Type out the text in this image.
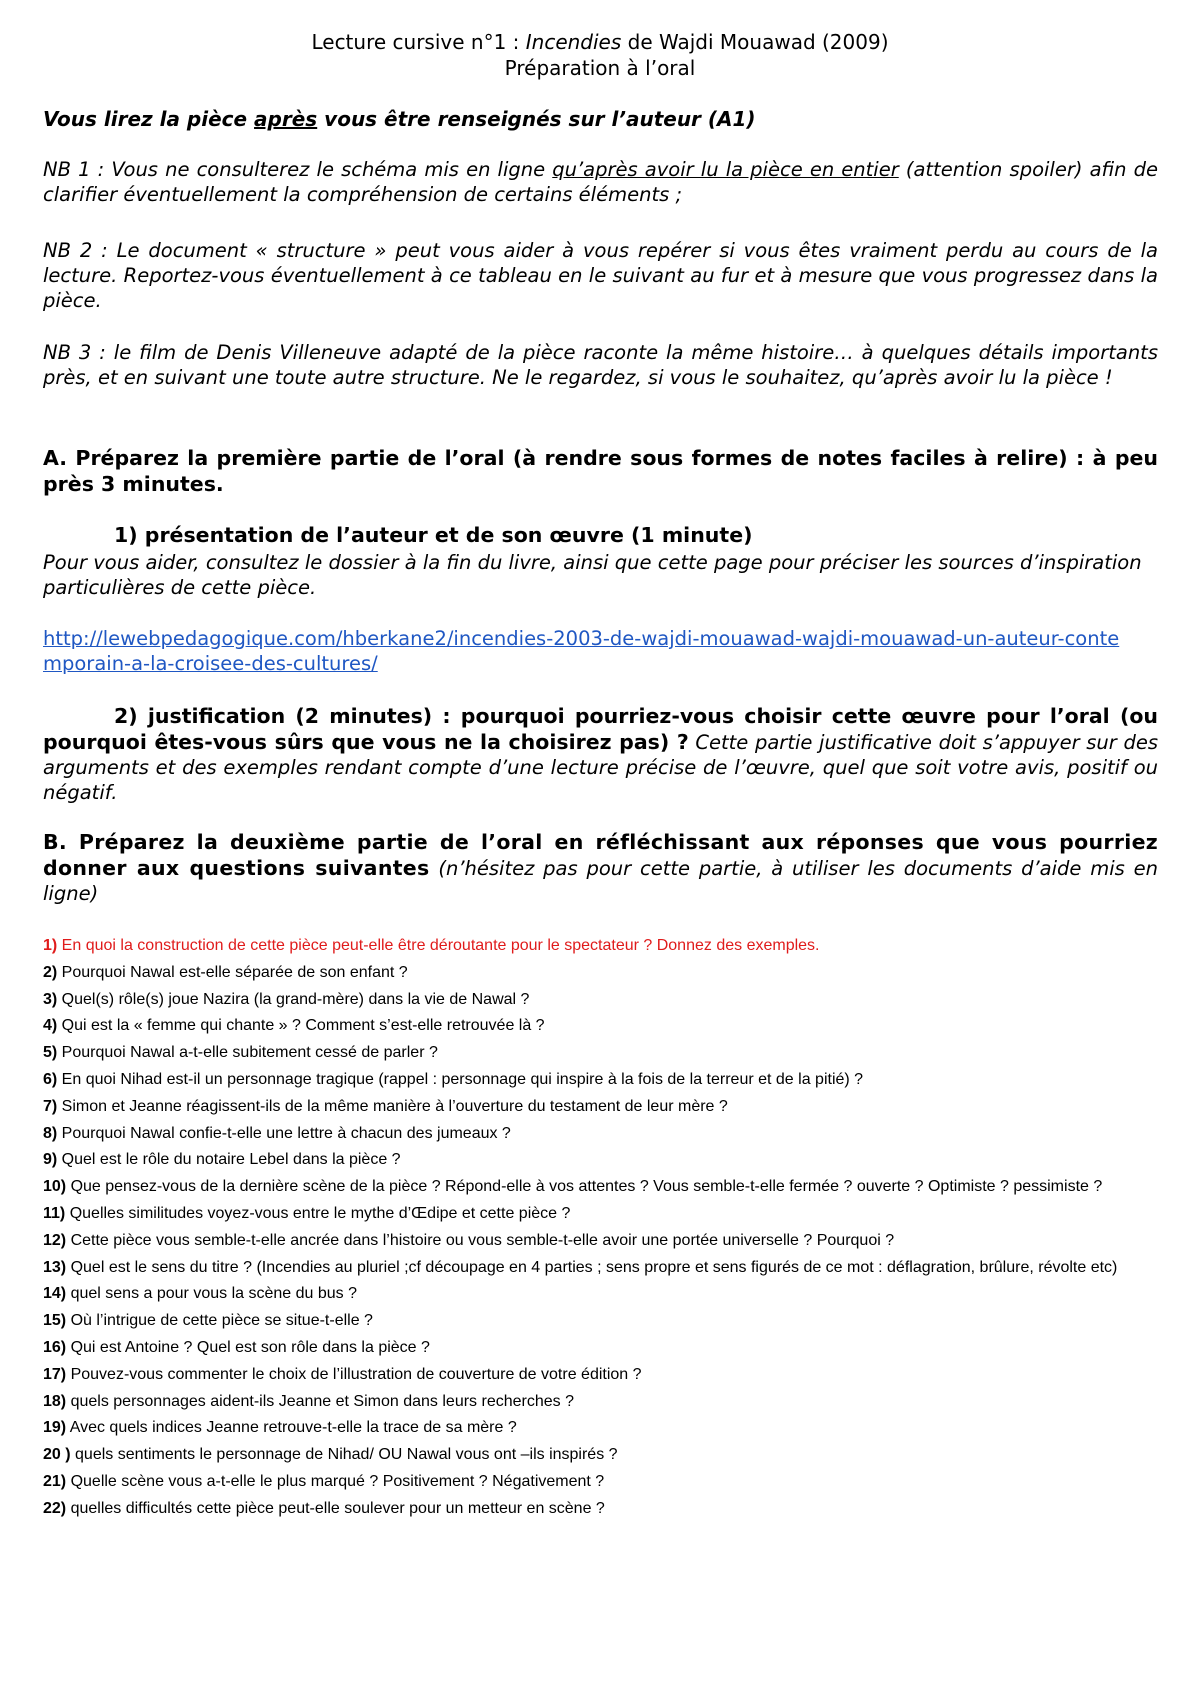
Lecture cursive n°1 : Incendies de Wajdi Mouawad (2009)
Préparation à l’oral
Vous lirez la pièce après vous être renseignés sur l’auteur (A1)
NB 1 : Vous ne consulterez le schéma mis en ligne qu’après avoir lu la pièce en entier (attention spoiler) afin de clarifier éventuellement la compréhension de certains éléments ;
NB 2 : Le document « structure » peut vous aider à vous repérer si vous êtes vraiment perdu au cours de la lecture. Reportez-vous éventuellement à ce tableau en le suivant au fur et à mesure que vous progressez dans la pièce.
NB 3 : le film de Denis Villeneuve adapté de la pièce raconte la même histoire… à quelques détails importants près, et en suivant une toute autre structure. Ne le regardez, si vous le souhaitez, qu’après avoir lu la pièce !
A. Préparez la première partie de l’oral (à rendre sous formes de notes faciles à relire) : à peu près 3 minutes.
1) présentation de l’auteur et de son œuvre (1 minute)
Pour vous aider, consultez le dossier à la fin du livre, ainsi que cette page pour préciser les sources d’inspiration particulières de cette pièce.
http://lewebpedagogique.com/hberkane2/incendies-2003-de-wajdi-mouawad-wajdi-mouawad-un-auteur-contemporain-a-la-croisee-des-cultures/
2) justification (2 minutes) : pourquoi pourriez-vous choisir cette œuvre pour l’oral (ou pourquoi êtes-vous sûrs que vous ne la choisirez pas) ? Cette partie justificative doit s’appuyer sur des arguments et des exemples rendant compte d’une lecture précise de l’œuvre, quel que soit votre avis, positif ou négatif.
B. Préparez la deuxième partie de l’oral en réfléchissant aux réponses que vous pourriez donner aux questions suivantes (n’hésitez pas pour cette partie, à utiliser les documents d’aide mis en ligne)
1) En quoi la construction de cette pièce peut-elle être déroutante pour le spectateur ? Donnez des exemples.
2) Pourquoi Nawal est-elle séparée de son enfant ?
3) Quel(s) rôle(s) joue Nazira (la grand-mère) dans la vie de Nawal ?
4) Qui est la « femme qui chante » ? Comment s’est-elle retrouvée là ?
5) Pourquoi Nawal a-t-elle subitement cessé de parler ?
6) En quoi Nihad est-il un personnage tragique (rappel : personnage qui inspire à la fois de la terreur et de la pitié) ?
7) Simon et Jeanne réagissent-ils de la même manière à l’ouverture du testament de leur mère ?
8) Pourquoi Nawal confie-t-elle une lettre à chacun des jumeaux ?
9) Quel est le rôle du notaire Lebel dans la pièce ?
10) Que pensez-vous de la dernière scène de la pièce ? Répond-elle à vos attentes ? Vous semble-t-elle fermée ? ouverte ? Optimiste ? pessimiste ?
11) Quelles similitudes voyez-vous entre le mythe d’Œdipe et cette pièce ?
12) Cette pièce vous semble-t-elle ancrée dans l’histoire ou vous semble-t-elle avoir une portée universelle ? Pourquoi ?
13) Quel est le sens du titre ? (Incendies au pluriel ;cf découpage en 4 parties ; sens propre et sens figurés de ce mot : déflagration, brûlure, révolte etc)
14) quel sens a pour vous la scène du bus ?
15) Où l’intrigue de cette pièce se situe-t-elle ?
16) Qui est Antoine ? Quel est son rôle dans la pièce ?
17) Pouvez-vous commenter le choix de l’illustration de couverture de votre édition ?
18) quels personnages aident-ils Jeanne et Simon dans leurs recherches ?
19) Avec quels indices Jeanne retrouve-t-elle la trace de sa mère ?
20 ) quels sentiments le personnage de Nihad/ OU Nawal vous ont –ils inspirés ?
21) Quelle scène vous a-t-elle le plus marqué ? Positivement ? Négativement ?
22) quelles difficultés cette pièce peut-elle soulever pour un metteur en scène ?
